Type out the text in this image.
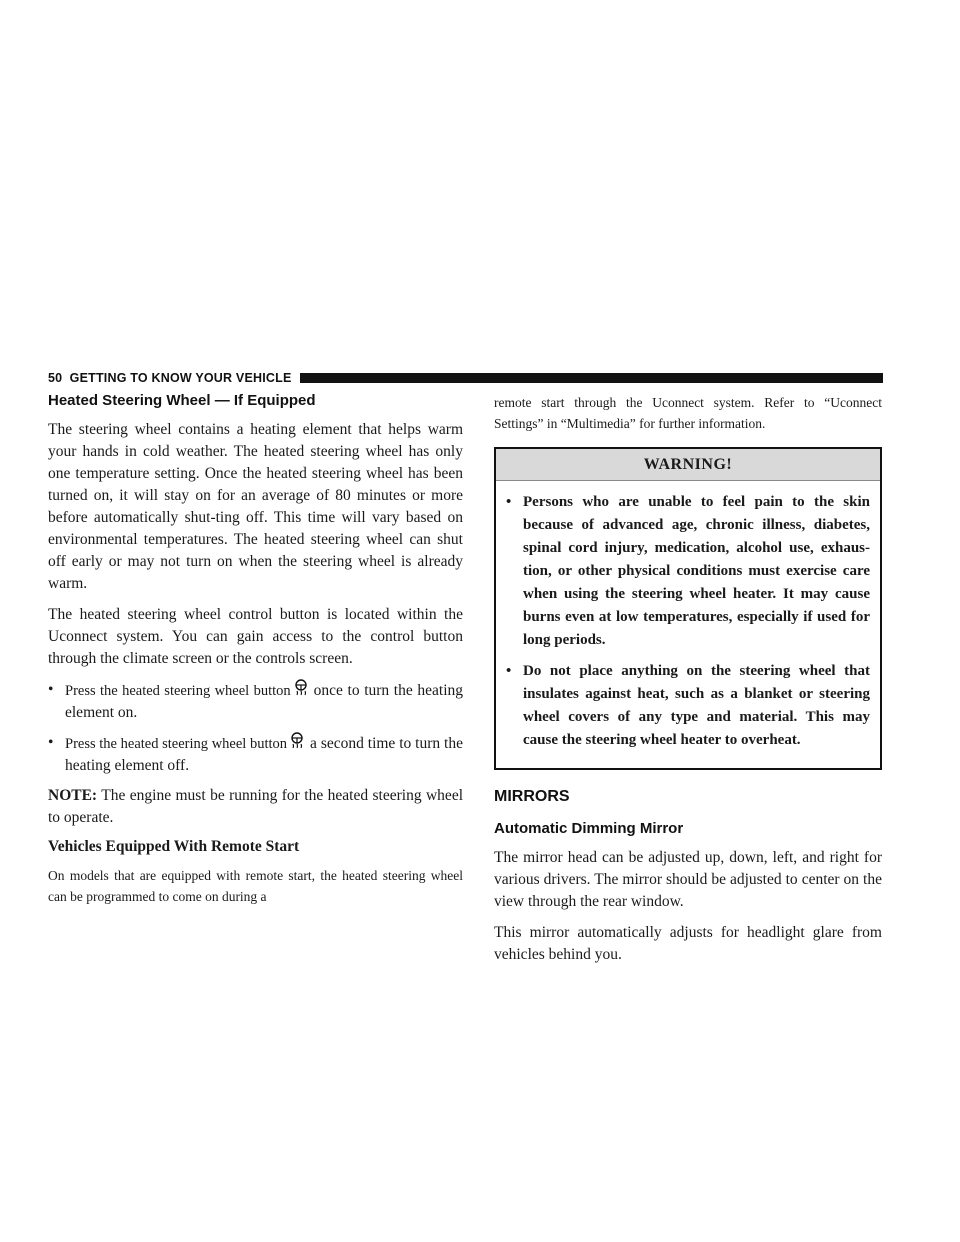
50 GETTING TO KNOW YOUR VEHICLE
Heated Steering Wheel — If Equipped

The steering wheel contains a heating element that helps warm your hands in cold weather. The heated steering wheel has only one temperature setting. Once the heated steering wheel has been turned on, it will stay on for an average of 80 minutes or more before automatically shut-ting off. This time will vary based on environmental temperatures. The heated steering wheel can shut off early or may not turn on when the steering wheel is already warm.

The heated steering wheel control button is located within the Uconnect system. You can gain access to the control button through the climate screen or the controls screen.

• Press the heated steering wheel button once to turn the heating element on.
• Press the heated steering wheel button a second time to turn the heating element off.

NOTE: The engine must be running for the heated steering wheel to operate.

Vehicles Equipped With Remote Start

On models that are equipped with remote start, the heated steering wheel can be programmed to come on during a

remote start through the Uconnect system. Refer to “Uconnect Settings” in “Multimedia” for further information.

WARNING!
• Persons who are unable to feel pain to the skin because of advanced age, chronic illness, diabetes, spinal cord injury, medication, alcohol use, exhaus-tion, or other physical conditions must exercise care when using the steering wheel heater. It may cause burns even at low temperatures, especially if used for long periods.
• Do not place anything on the steering wheel that insulates against heat, such as a blanket or steering wheel covers of any type and material. This may cause the steering wheel heater to overheat.
MIRRORS
Automatic Dimming Mirror

The mirror head can be adjusted up, down, left, and right for various drivers. The mirror should be adjusted to center on the view through the rear window.

This mirror automatically adjusts for headlight glare from vehicles behind you.
